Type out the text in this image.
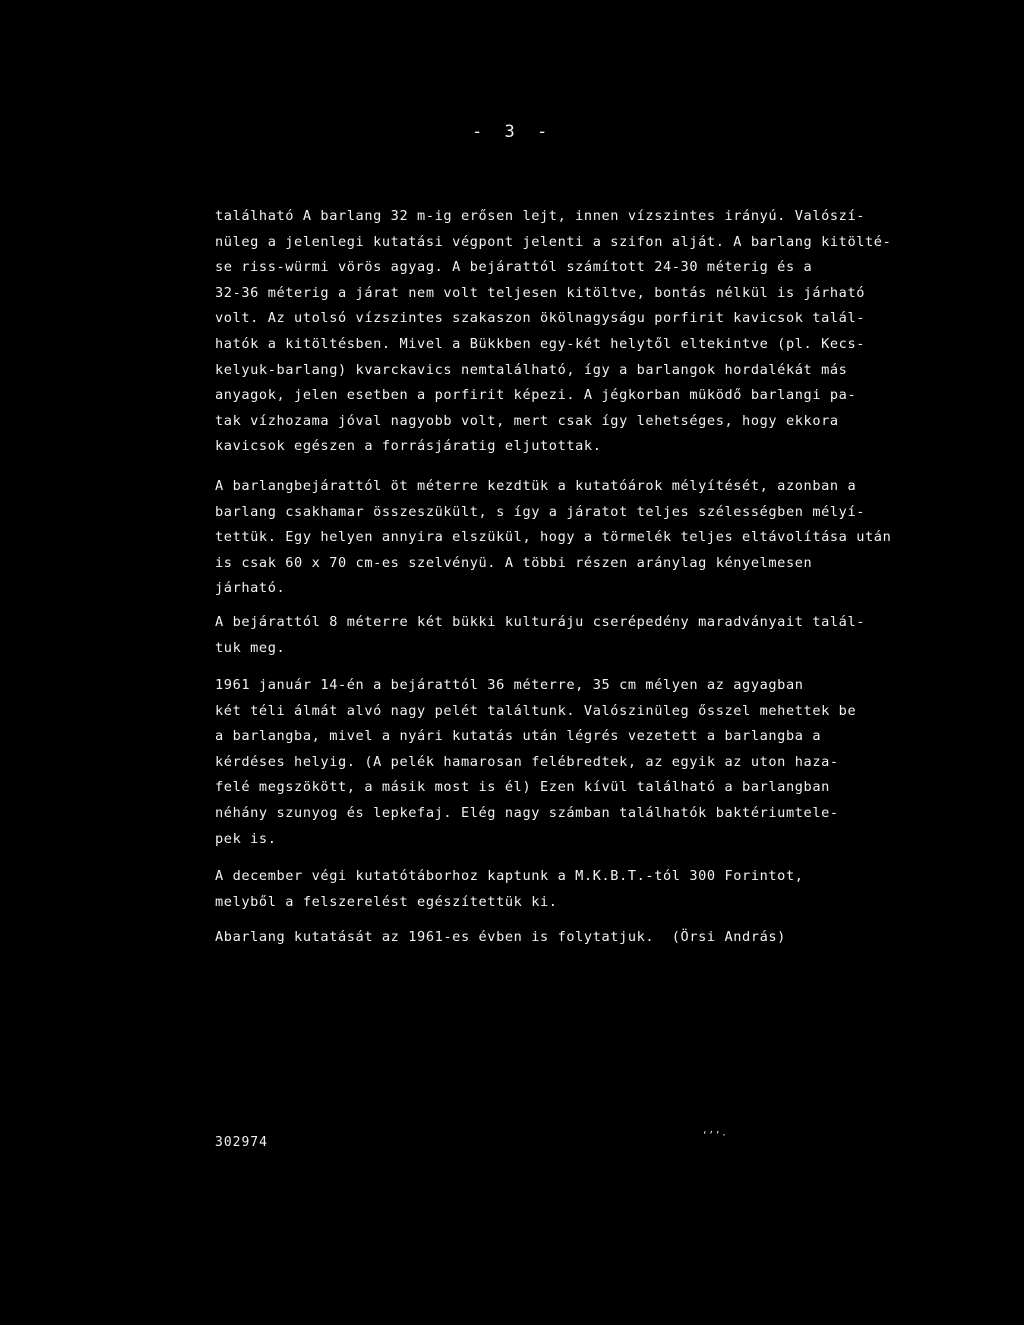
- 3 -
található A barlang 32 m-ig erősen lejt, innen vízszintes irányú. Valószí-
nüleg a jelenlegi kutatási végpont jelenti a szifon alját. A barlang kitölté-
se riss-würmi vörös agyag. A bejárattól számított 24-30 méterig és a
32-36 méterig a járat nem volt teljesen kitöltve, bontás nélkül is járható
volt. Az utolsó vízszintes szakaszon ökölnagyságu porfirit kavicsok talál-
hatók a kitöltésben. Mivel a Bükkben egy-két helytől eltekintve (pl. Kecs-
kelyuk-barlang) kvarckavics nemtalálható, így a barlangok hordalékát más
anyagok, jelen esetben a porfirit képezi. A jégkorban müködő barlangi pa-
tak vízhozama jóval nagyobb volt, mert csak így lehetséges, hogy ekkora
kavicsok egészen a forrásjáratig eljutottak.
A barlangbejárattól öt méterre kezdtük a kutatóárok mélyítését, azonban a
barlang csakhamar összeszükült, s így a járatot teljes szélességben mélyí-
tettük. Egy helyen annyira elszükül, hogy a törmelék teljes eltávolítása után
is csak 60 x 70 cm-es szelvényü. A többi részen aránylag kényelmesen
járható.
A bejárattól 8 méterre két bükki kulturáju cserépedény maradványait talál-
tuk meg.
1961 január 14-én a bejárattól 36 méterre, 35 cm mélyen az agyagban
két téli álmát alvó nagy pelét találtunk. Valószinüleg ősszel mehettek be
a barlangba, mivel a nyári kutatás után légrés vezetett a barlangba a
kérdéses helyig. (A pelék hamarosan felébredtek, az egyik az uton haza-
felé megszökött, a másik most is él) Ezen kívül található a barlangban
néhány szunyog és lepkefaj. Elég nagy számban találhatók baktériumtele-
pek is.
A december végi kutatótáborhoz kaptunk a M.K.B.T.-tól 300 Forintot,
melyből a felszerelést egészítettük ki.
Abarlang kutatását az 1961-es évben is folytatjuk.  (Örsi András)
302974	‘’’·
